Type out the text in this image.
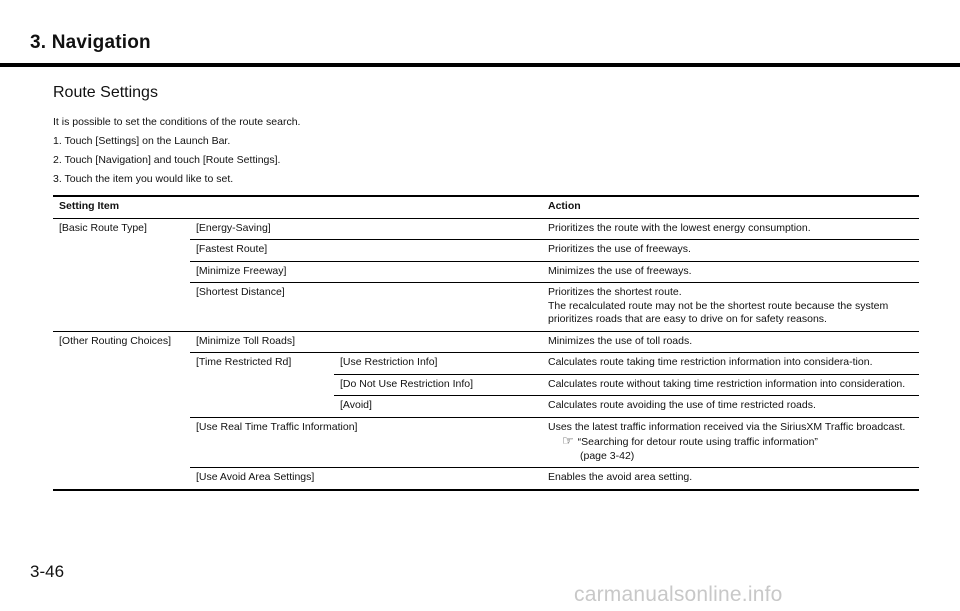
3. Navigation
Route Settings

It is possible to set the conditions of the route search.

1. Touch [Settings] on the Launch Bar.

2. Touch [Navigation] and touch [Route Settings].

3. Touch the item you would like to set.

Setting Item			Action
[Basic Route Type]	[Energy-Saving]		Prioritizes the route with the lowest energy consumption.
	[Fastest Route]		Prioritizes the use of freeways.
	[Minimize Freeway]		Minimizes the use of freeways.
	[Shortest Distance]		Prioritizes the shortest route.
The recalculated route may not be the shortest route because the system prioritizes roads that are easy to drive on for safety reasons.

[Other Routing Choices]	[Minimize Toll Roads]		Minimizes the use of toll roads.
	[Time Restricted Rd]	[Use Restriction Info]	Calculates route taking time restriction information into considera-tion.
		[Do Not Use Restriction Info]	Calculates route without taking time restriction information into consideration.
		[Avoid]	Calculates route avoiding the use of time restricted roads.
	[Use Real Time Traffic Information]		Uses the latest traffic information received via the SiriusXM Traffic broadcast.
☞ “Searching for detour route using traffic information”
(page 3-42)

	[Use Avoid Area Settings]		Enables the avoid area setting.
3-46
carmanualsonline.info
